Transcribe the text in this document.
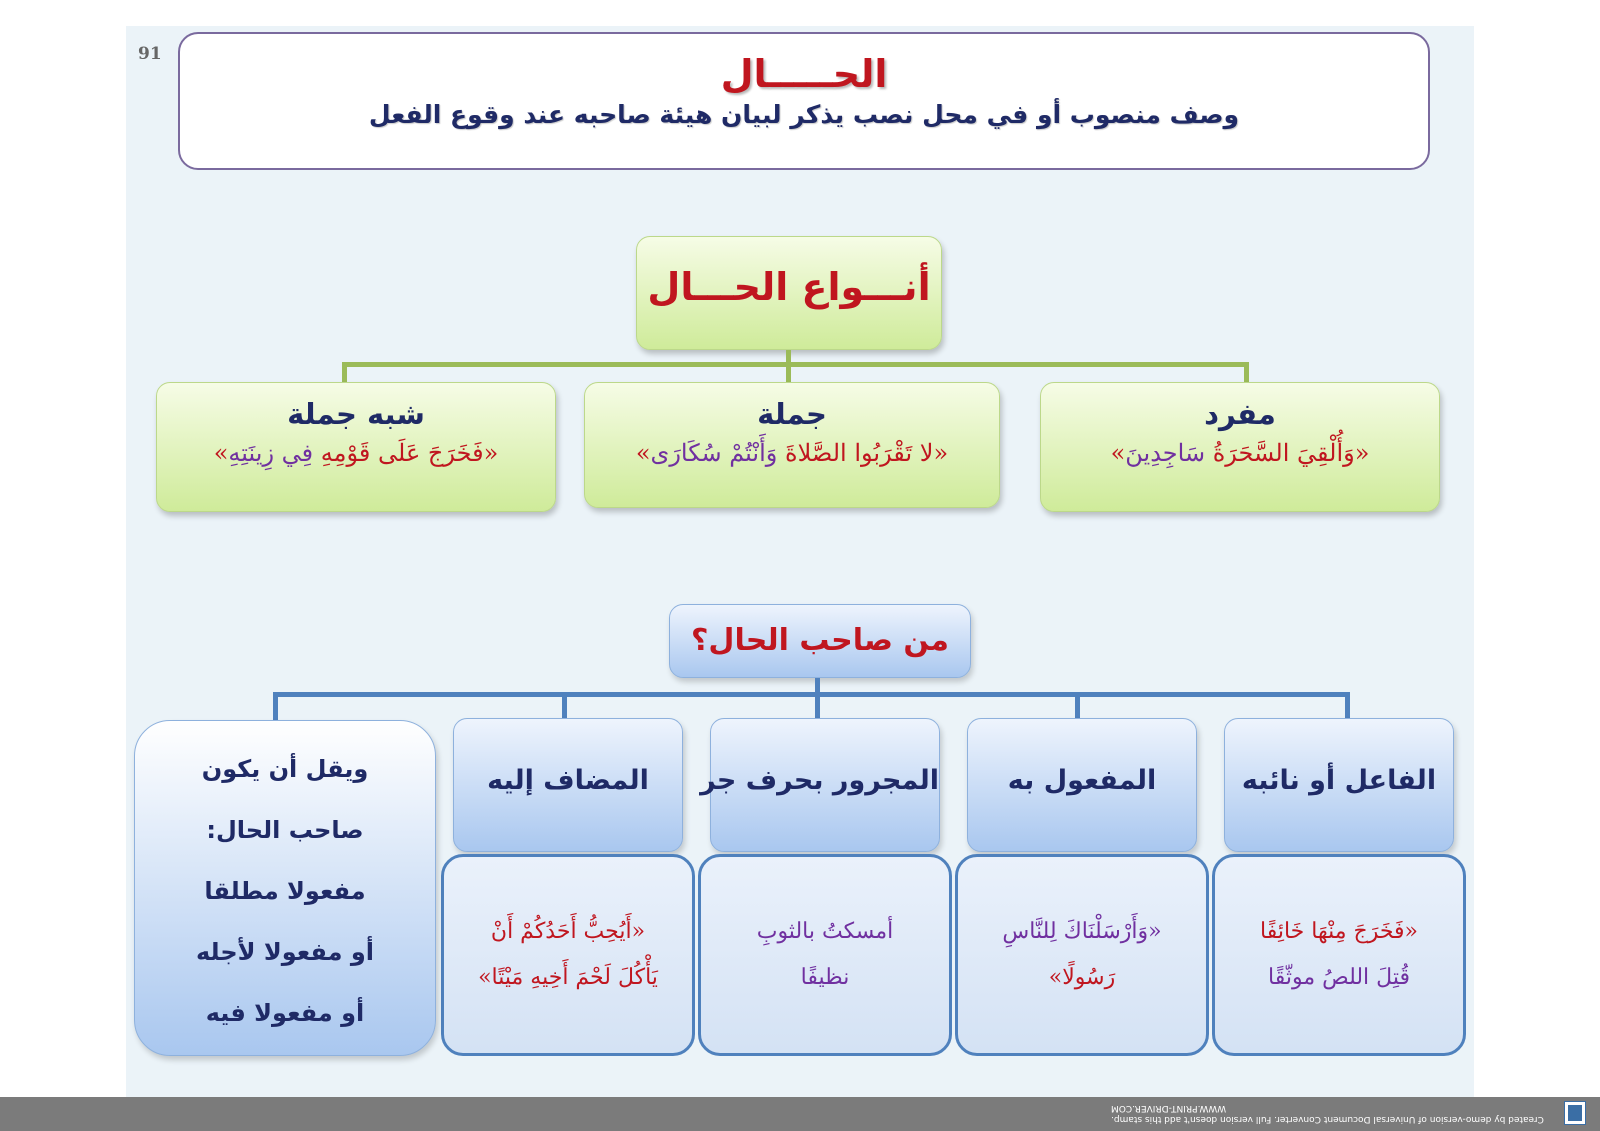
91	الحـــــال
وصف منصوب أو في محل نصب يذكر لبيان هيئة صاحبه عند وقوع الفعل
أنـــواع الحـــال
مفرد
«وَأُلْقِيَ السَّحَرَةُ سَاجِدِينَ»
جملة
«لا تَقْرَبُوا الصَّلاةَ وَأَنْتُمْ سُكَارَى»
شبه جملة
«فَخَرَجَ عَلَى قَوْمِهِ فِي زِينَتِهِ»
من صاحب الحال؟
الفاعل أو نائبه
المفعول به
المجرور بحرف جر
المضاف إليه
«فَخَرَجَ مِنْهَا خَائِفًا
قُتِلَ اللصُ موثّقًا
«وَأَرْسَلْنَاكَ لِلنَّاسِ
رَسُولًا»
أمسكتُ بالثوبِ
نظيفًا
«أَيُحِبُّ أَحَدُكُمْ أَنْ
يَأْكُلَ لَحْمَ أَخِيهِ مَيْتًا»
ويقل أن يكون
صاحب الحال:
مفعولا مطلقا
أو مفعولا لأجله
أو مفعولا فيه
Created by demo-version of Universal Document Converter. Full version doesn't add this stamp.
WWW.PRINT-DRIVER.COM
